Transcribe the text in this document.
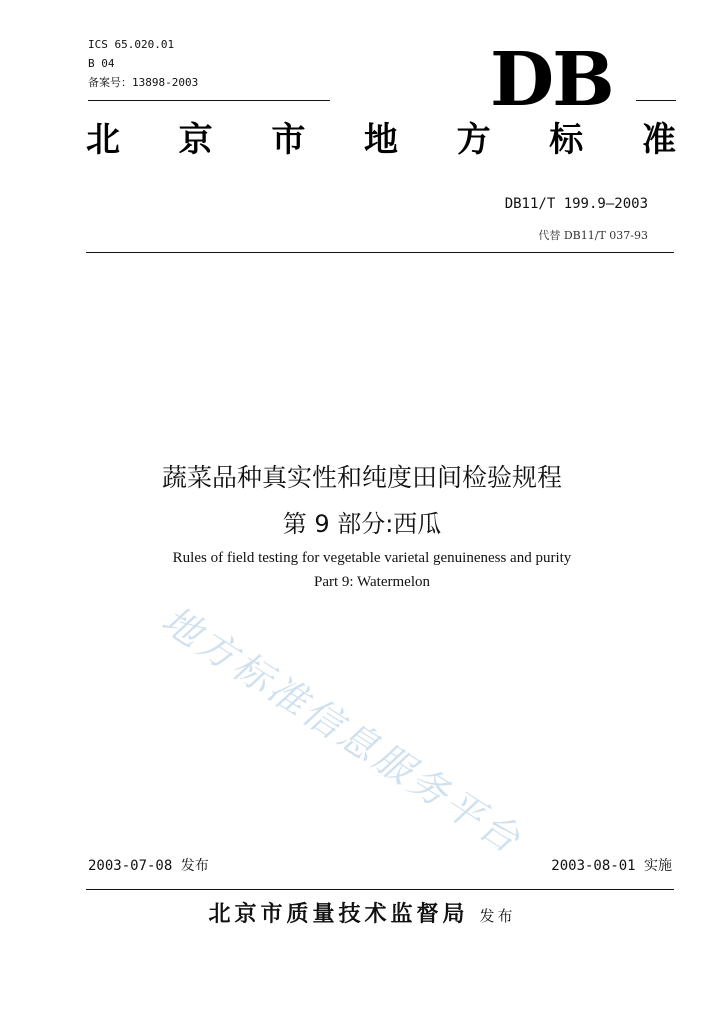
ICS 65.020.01
B 04
备案号：13898-2003	DB
北 京 市 地 方 标 准
DB11/T 199.9—2003
代替 DB11/T 037-93
蔬菜品种真实性和纯度田间检验规程
第 9 部分:西瓜
Rules of field testing for vegetable varietal genuineness and purity
Part 9: Watermelon
地方标准信息服务平台
2003-07-08 发布	2003-08-01 实施
北京市质量技术监督局 发布
